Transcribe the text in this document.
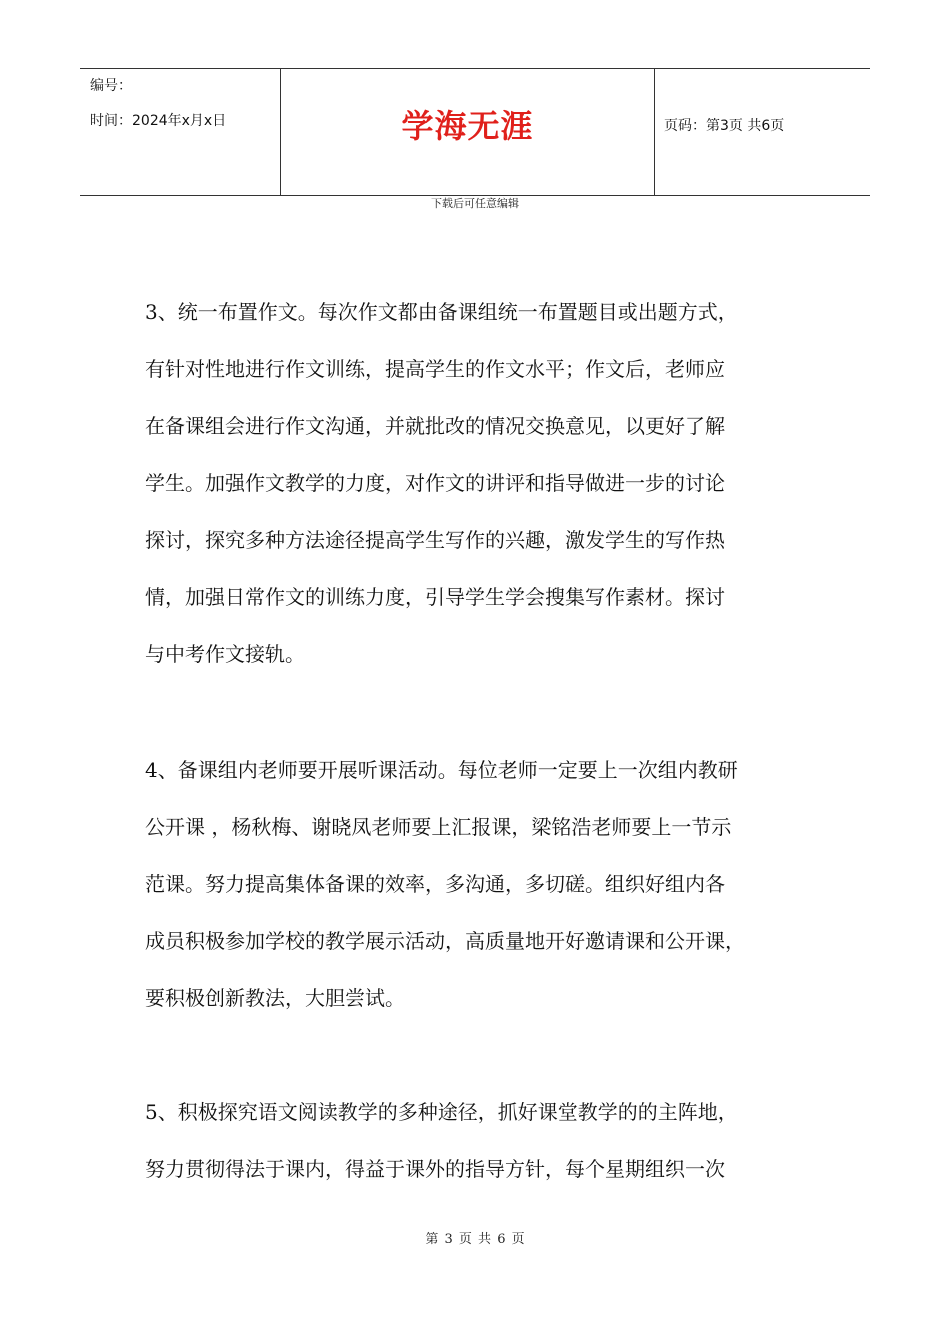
编号：
时间：2024年x月x日	学海无涯	页码：第3页 共6页
下载后可任意编辑
3、统一布置作文。每次作文都由备课组统一布置题目或出题方式，
有针对性地进行作文训练，提高学生的作文水平；作文后，老师应
在备课组会进行作文沟通，并就批改的情况交换意见，以更好了解
学生。加强作文教学的力度，对作文的讲评和指导做进一步的讨论
探讨，探究多种方法途径提高学生写作的兴趣，激发学生的写作热
情，加强日常作文的训练力度，引导学生学会搜集写作素材。探讨
与中考作文接轨。
4、备课组内老师要开展听课活动。每位老师一定要上一次组内教研
公开课 ，杨秋梅、谢晓凤老师要上汇报课，梁铭浩老师要上一节示
范课。努力提高集体备课的效率，多沟通，多切磋。组织好组内各
成员积极参加学校的教学展示活动，高质量地开好邀请课和公开课，
要积极创新教法，大胆尝试。
5、积极探究语文阅读教学的多种途径，抓好课堂教学的的主阵地，
努力贯彻得法于课内，得益于课外的指导方针，每个星期组织一次
第 3 页 共 6 页
